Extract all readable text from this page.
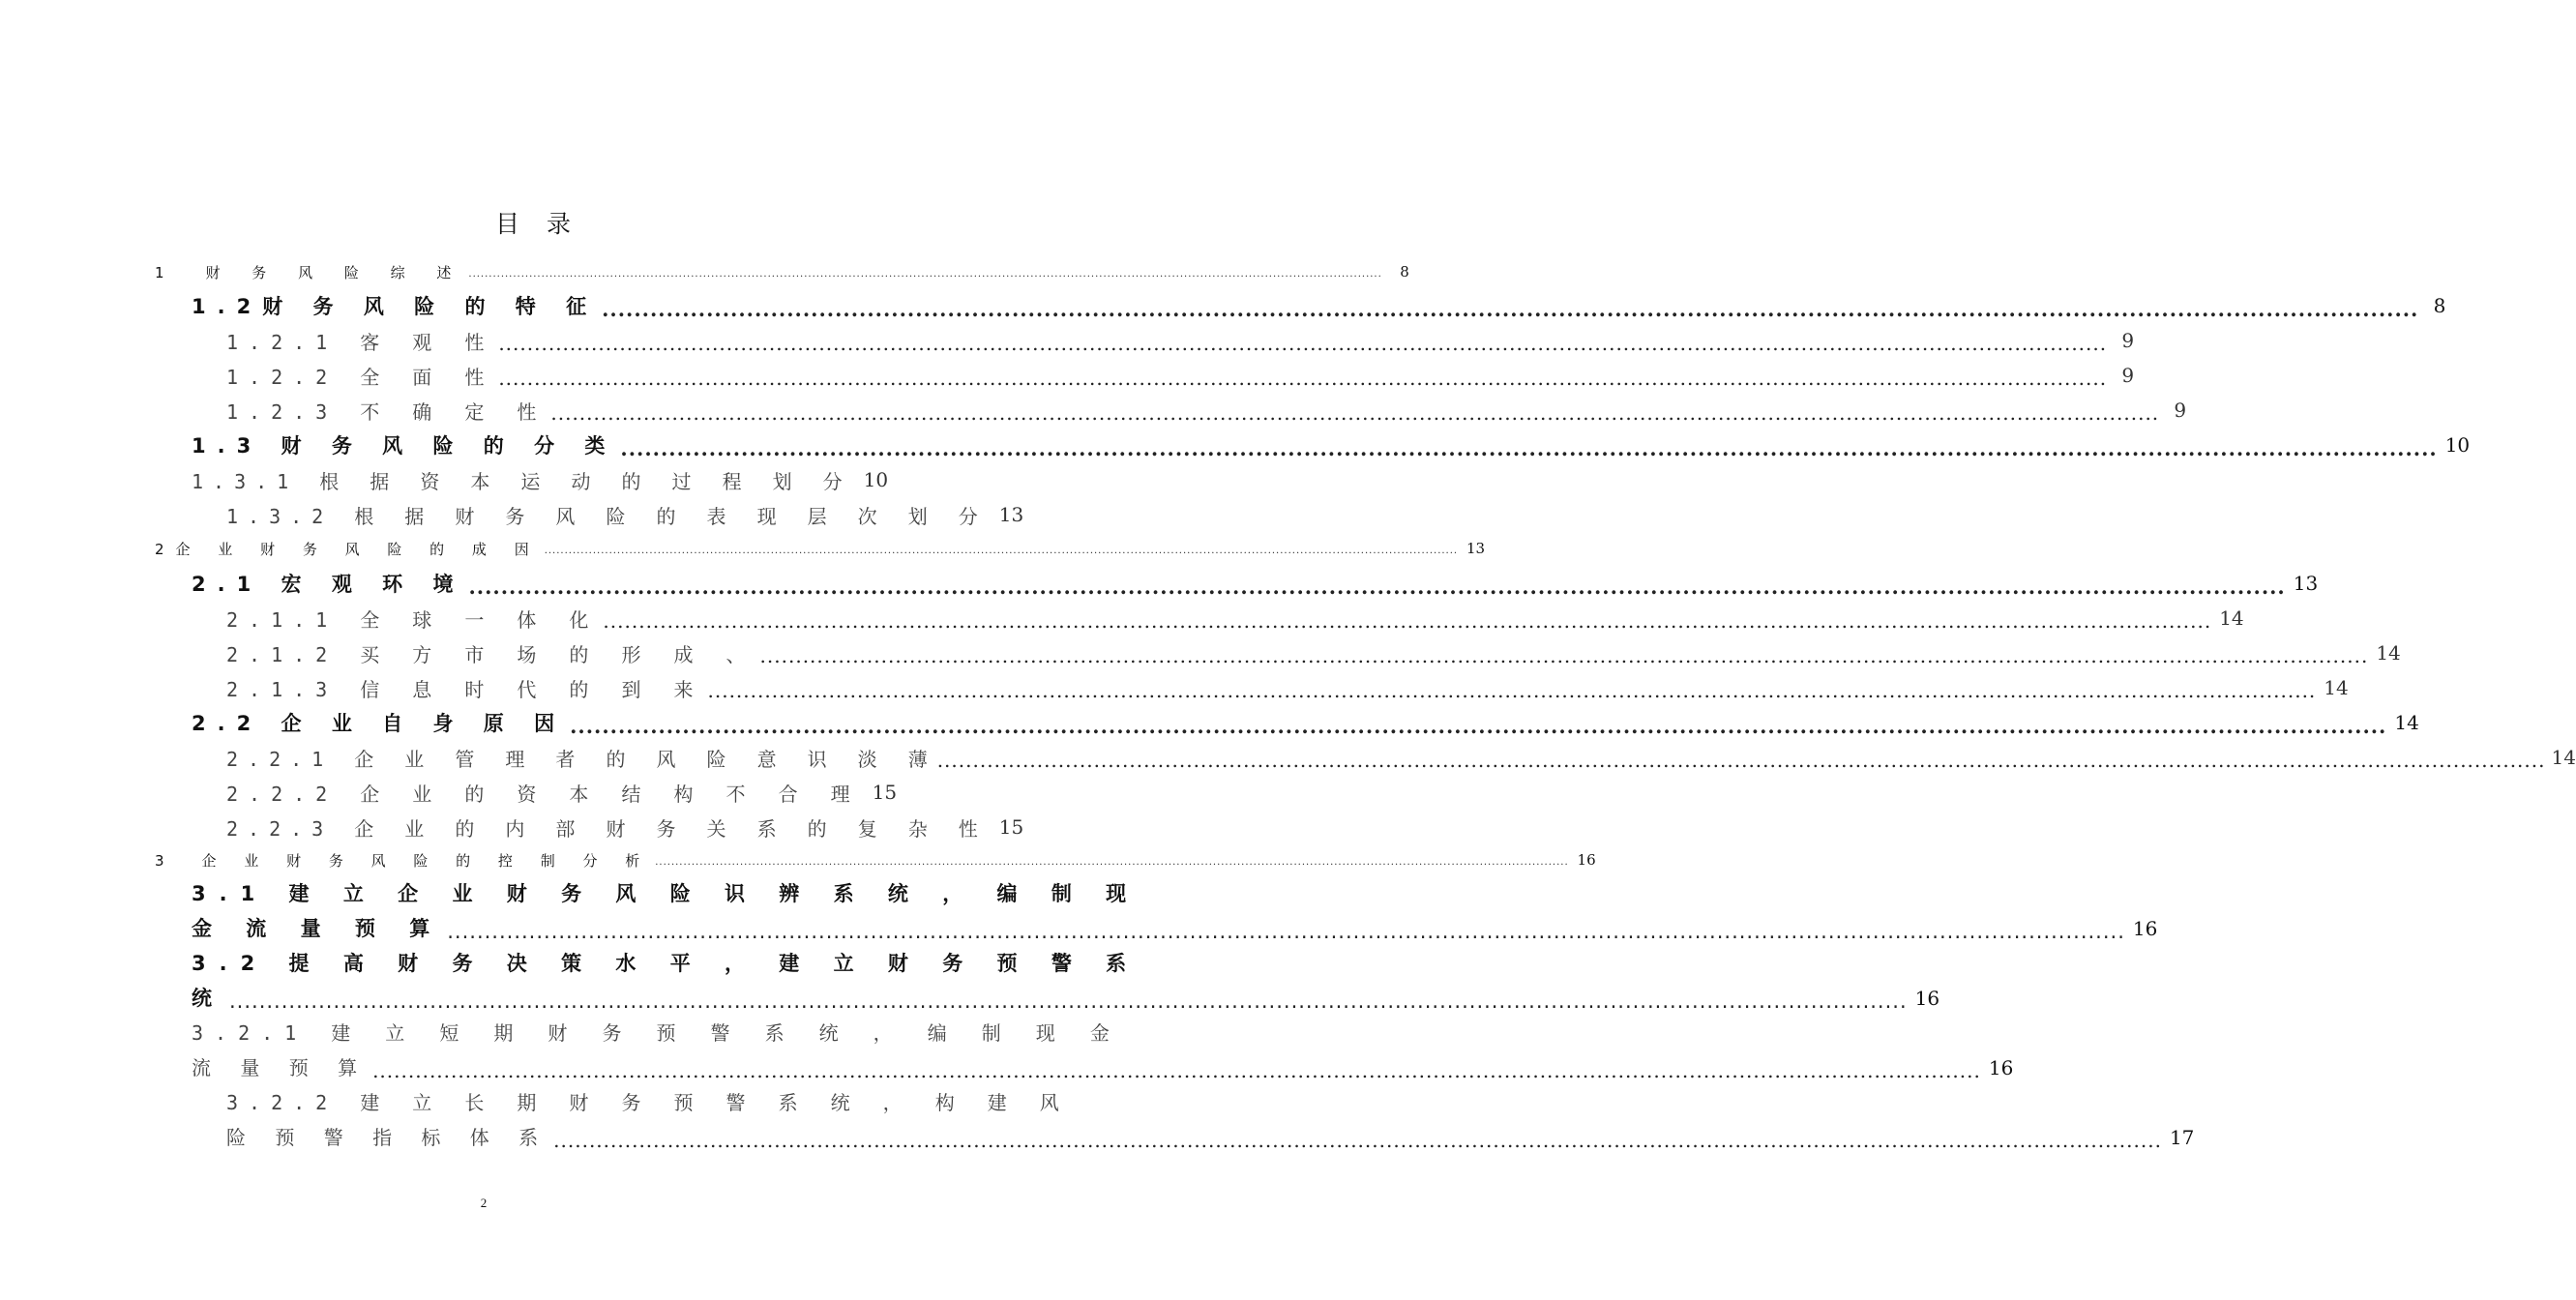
目 录
1　财 务 风 险 综 述 .....	8
1.2财 务 风 险 的 特 征 .....	8
1.2.1 客 观 性 .....	9
1.2.2 全 面 性 .....	9
1.2.3 不 确 定 性 .....	9
1.3 财 务 风 险 的 分 类 .....	10
1.3.1 根 据 资 本 运 动 的 过 程 划 分 10
1.3.2 根 据 财 务 风 险 的 表 现 层 次 划 分 13
2企 业 财 务 风 险 的 成 因 .....	13
2.1 宏 观 环 境 .....	13
2.1.1 全 球 一 体 化 .....	14
2.1.2 买 方 市 场 的 形 成 、 .....	14
2.1.3 信 息 时 代 的 到 来 .....	14
2.2 企 业 自 身 原 因 .....	14
2.2.1 企 业 管 理 者 的 风 险 意 识 淡 薄 .....	14
2.2.2 企 业 的 资 本 结 构 不 合 理 15
2.2.3 企 业 的 内 部 财 务 关 系 的 复 杂 性 15
3　企 业 财 务 风 险 的 控 制 分 析 .....	16
3.1 建 立 企 业 财 务 风 险 识 辨 系 统 ， 编 制 现
金 流 量 预 算 .....	16
3.2 提 高 财 务 决 策 水 平 ， 建 立 财 务 预 警 系
统 .....	16
3.2.1 建 立 短 期 财 务 预 警 系 统 ， 编 制 现 金
流 量 预 算 .....	16
3.2.2 建 立 长 期 财 务 预 警 系 统 ， 构 建 风
险 预 警 指 标 体 系 .....	17
2
